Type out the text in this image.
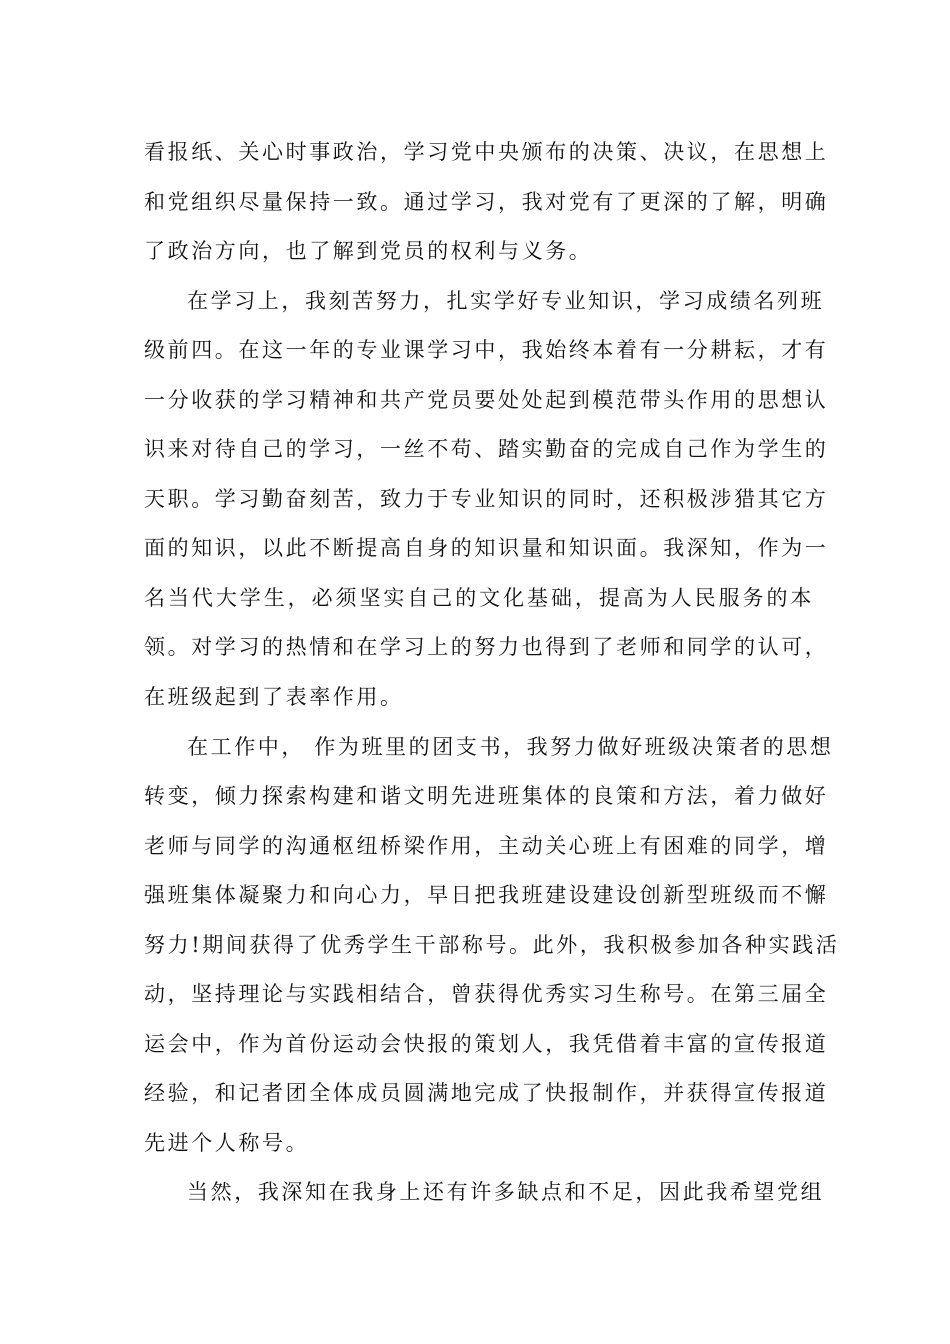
看报纸、关心时事政治，学习党中央颁布的决策、决议，在思想上
和党组织尽量保持一致。通过学习，我对党有了更深的了解，明确
了政治方向，也了解到党员的权利与义务。
在学习上，我刻苦努力，扎实学好专业知识，学习成绩名列班
级前四。在这一年的专业课学习中，我始终本着有一分耕耘，才有
一分收获的学习精神和共产党员要处处起到模范带头作用的思想认
识来对待自己的学习，一丝不苟、踏实勤奋的完成自己作为学生的
天职。学习勤奋刻苦，致力于专业知识的同时，还积极涉猎其它方
面的知识，以此不断提高自身的知识量和知识面。我深知，作为一
名当代大学生，必须坚实自己的文化基础，提高为人民服务的本
领。对学习的热情和在学习上的努力也得到了老师和同学的认可，
在班级起到了表率作用。
在工作中， 作为班里的团支书，我努力做好班级决策者的思想
转变，倾力探索构建和谐文明先进班集体的良策和方法，着力做好
老师与同学的沟通枢纽桥梁作用，主动关心班上有困难的同学，增
强班集体凝聚力和向心力，早日把我班建设建设创新型班级而不懈
努力!期间获得了优秀学生干部称号。此外，我积极参加各种实践活
动，坚持理论与实践相结合，曾获得优秀实习生称号。在第三届全
运会中，作为首份运动会快报的策划人，我凭借着丰富的宣传报道
经验，和记者团全体成员圆满地完成了快报制作，并获得宣传报道
先进个人称号。
当然，我深知在我身上还有许多缺点和不足，因此我希望党组
